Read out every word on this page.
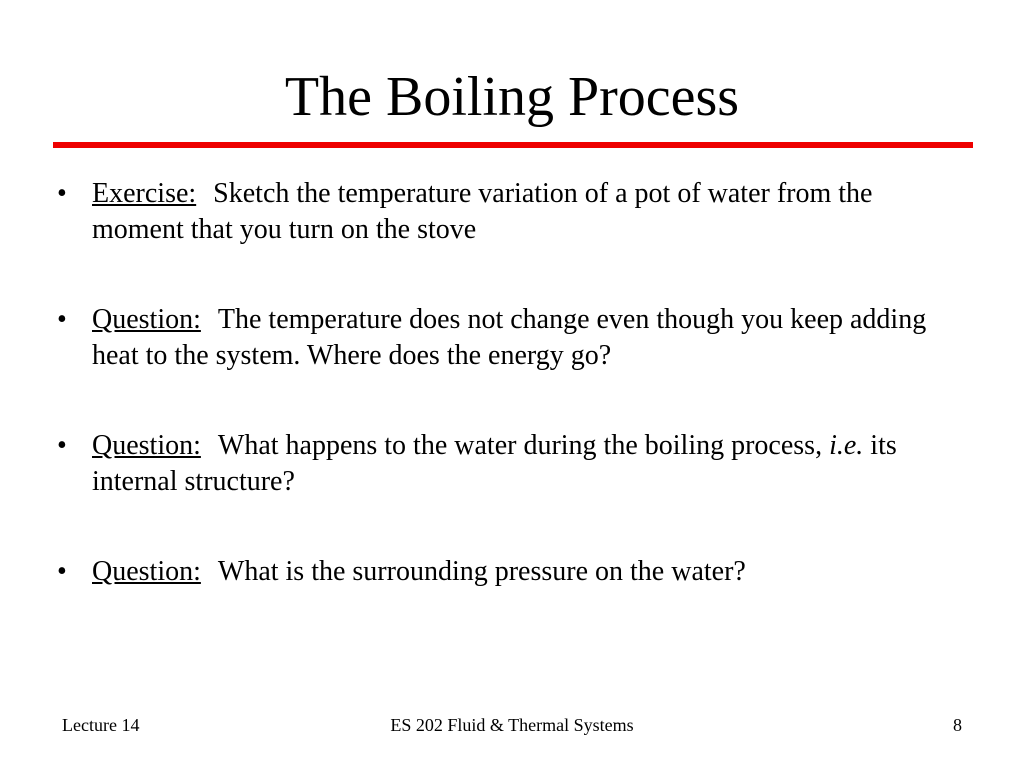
The Boiling Process
• Exercise: Sketch the temperature variation of a pot of water from the moment that you turn on the stove
• Question: The temperature does not change even though you keep adding heat to the system. Where does the energy go?
• Question: What happens to the water during the boiling process, i.e. its internal structure?
• Question: What is the surrounding pressure on the water?
Lecture 14	ES 202 Fluid & Thermal Systems	8
